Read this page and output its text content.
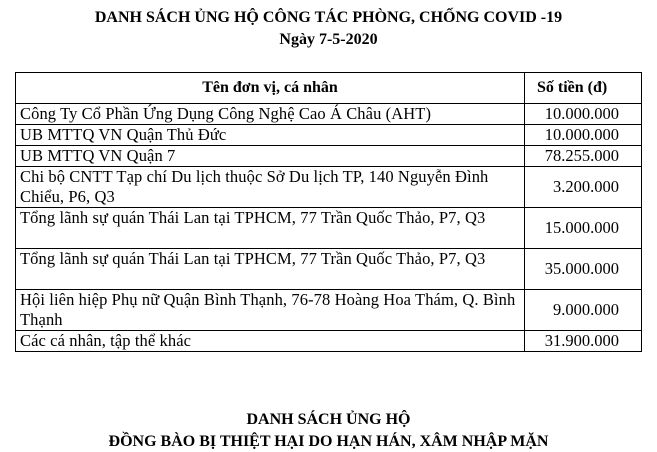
DANH SÁCH ỦNG HỘ CÔNG TÁC PHÒNG, CHỐNG COVID -19
Ngày 7-5-2020
Tên đơn vị, cá nhân	Số tiền (đ)
Công Ty Cổ Phần Ứng Dụng Công Nghệ Cao Á Châu (AHT)	10.000.000
UB MTTQ VN Quận Thủ Đức	10.000.000
UB MTTQ VN Quận 7	78.255.000
Chi bộ CNTT Tạp chí Du lịch thuộc Sở Du lịch TP, 140 Nguyễn Đình Chiểu, P6, Q3	3.200.000
Tổng lãnh sự quán Thái Lan tại TPHCM, 77 Trần Quốc Thảo, P7, Q3	15.000.000
Tổng lãnh sự quán Thái Lan tại TPHCM, 77 Trần Quốc Thảo, P7, Q3	35.000.000
Hội liên hiệp Phụ nữ Quận Bình Thạnh, 76-78 Hoàng Hoa Thám, Q. Bình Thạnh	9.000.000
Các cá nhân, tập thể khác	31.900.000
DANH SÁCH ỦNG HỘ
ĐỒNG BÀO BỊ THIỆT HẠI DO HẠN HÁN, XÂM NHẬP MẶN
